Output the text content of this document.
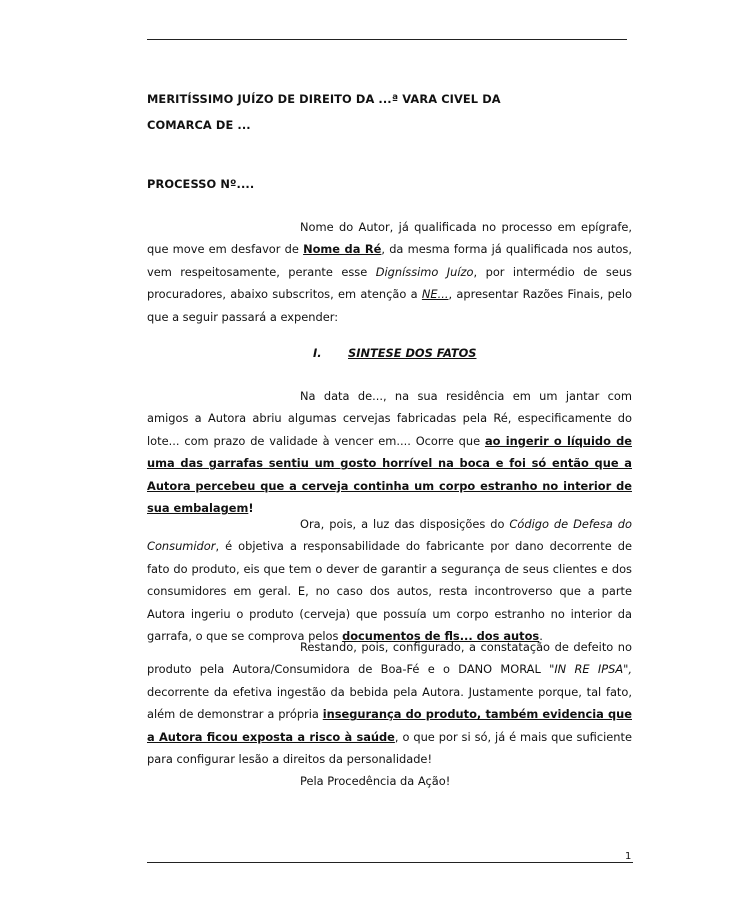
MERITÍSSIMO JUÍZO DE DIREITO DA ...ª VARA CIVEL DA
COMARCA DE ...
PROCESSO Nº....
Nome do Autor, já qualificada no processo em epígrafe, que move em desfavor de Nome da Ré, da mesma forma já qualificada nos autos, vem respeitosamente, perante esse Digníssimo Juízo, por intermédio de seus procuradores, abaixo subscritos, em atenção a NE..., apresentar Razões Finais, pelo que a seguir passará a expender:
I. SINTESE DOS FATOS
Na data de..., na sua residência em um jantar com amigos a Autora abriu algumas cervejas fabricadas pela Ré, especificamente do lote... com prazo de validade à vencer em.... Ocorre que ao ingerir o líquido de uma das garrafas sentiu um gosto horrível na boca e foi só então que a Autora percebeu que a cerveja continha um corpo estranho no interior de sua embalagem!
Ora, pois, a luz das disposições do Código de Defesa do Consumidor, é objetiva a responsabilidade do fabricante por dano decorrente de fato do produto, eis que tem o dever de garantir a segurança de seus clientes e dos consumidores em geral. E, no caso dos autos, resta incontroverso que a parte Autora ingeriu o produto (cerveja) que possuía um corpo estranho no interior da garrafa, o que se comprova pelos documentos de fls... dos autos.
Restando, pois, configurado, a constatação de defeito no produto pela Autora/Consumidora de Boa-Fé e o DANO MORAL "IN RE IPSA", decorrente da efetiva ingestão da bebida pela Autora. Justamente porque, tal fato, além de demonstrar a própria insegurança do produto, também evidencia que a Autora ficou exposta a risco à saúde, o que por si só, já é mais que suficiente para configurar lesão a direitos da personalidade!
Pela Procedência da Ação!
1
